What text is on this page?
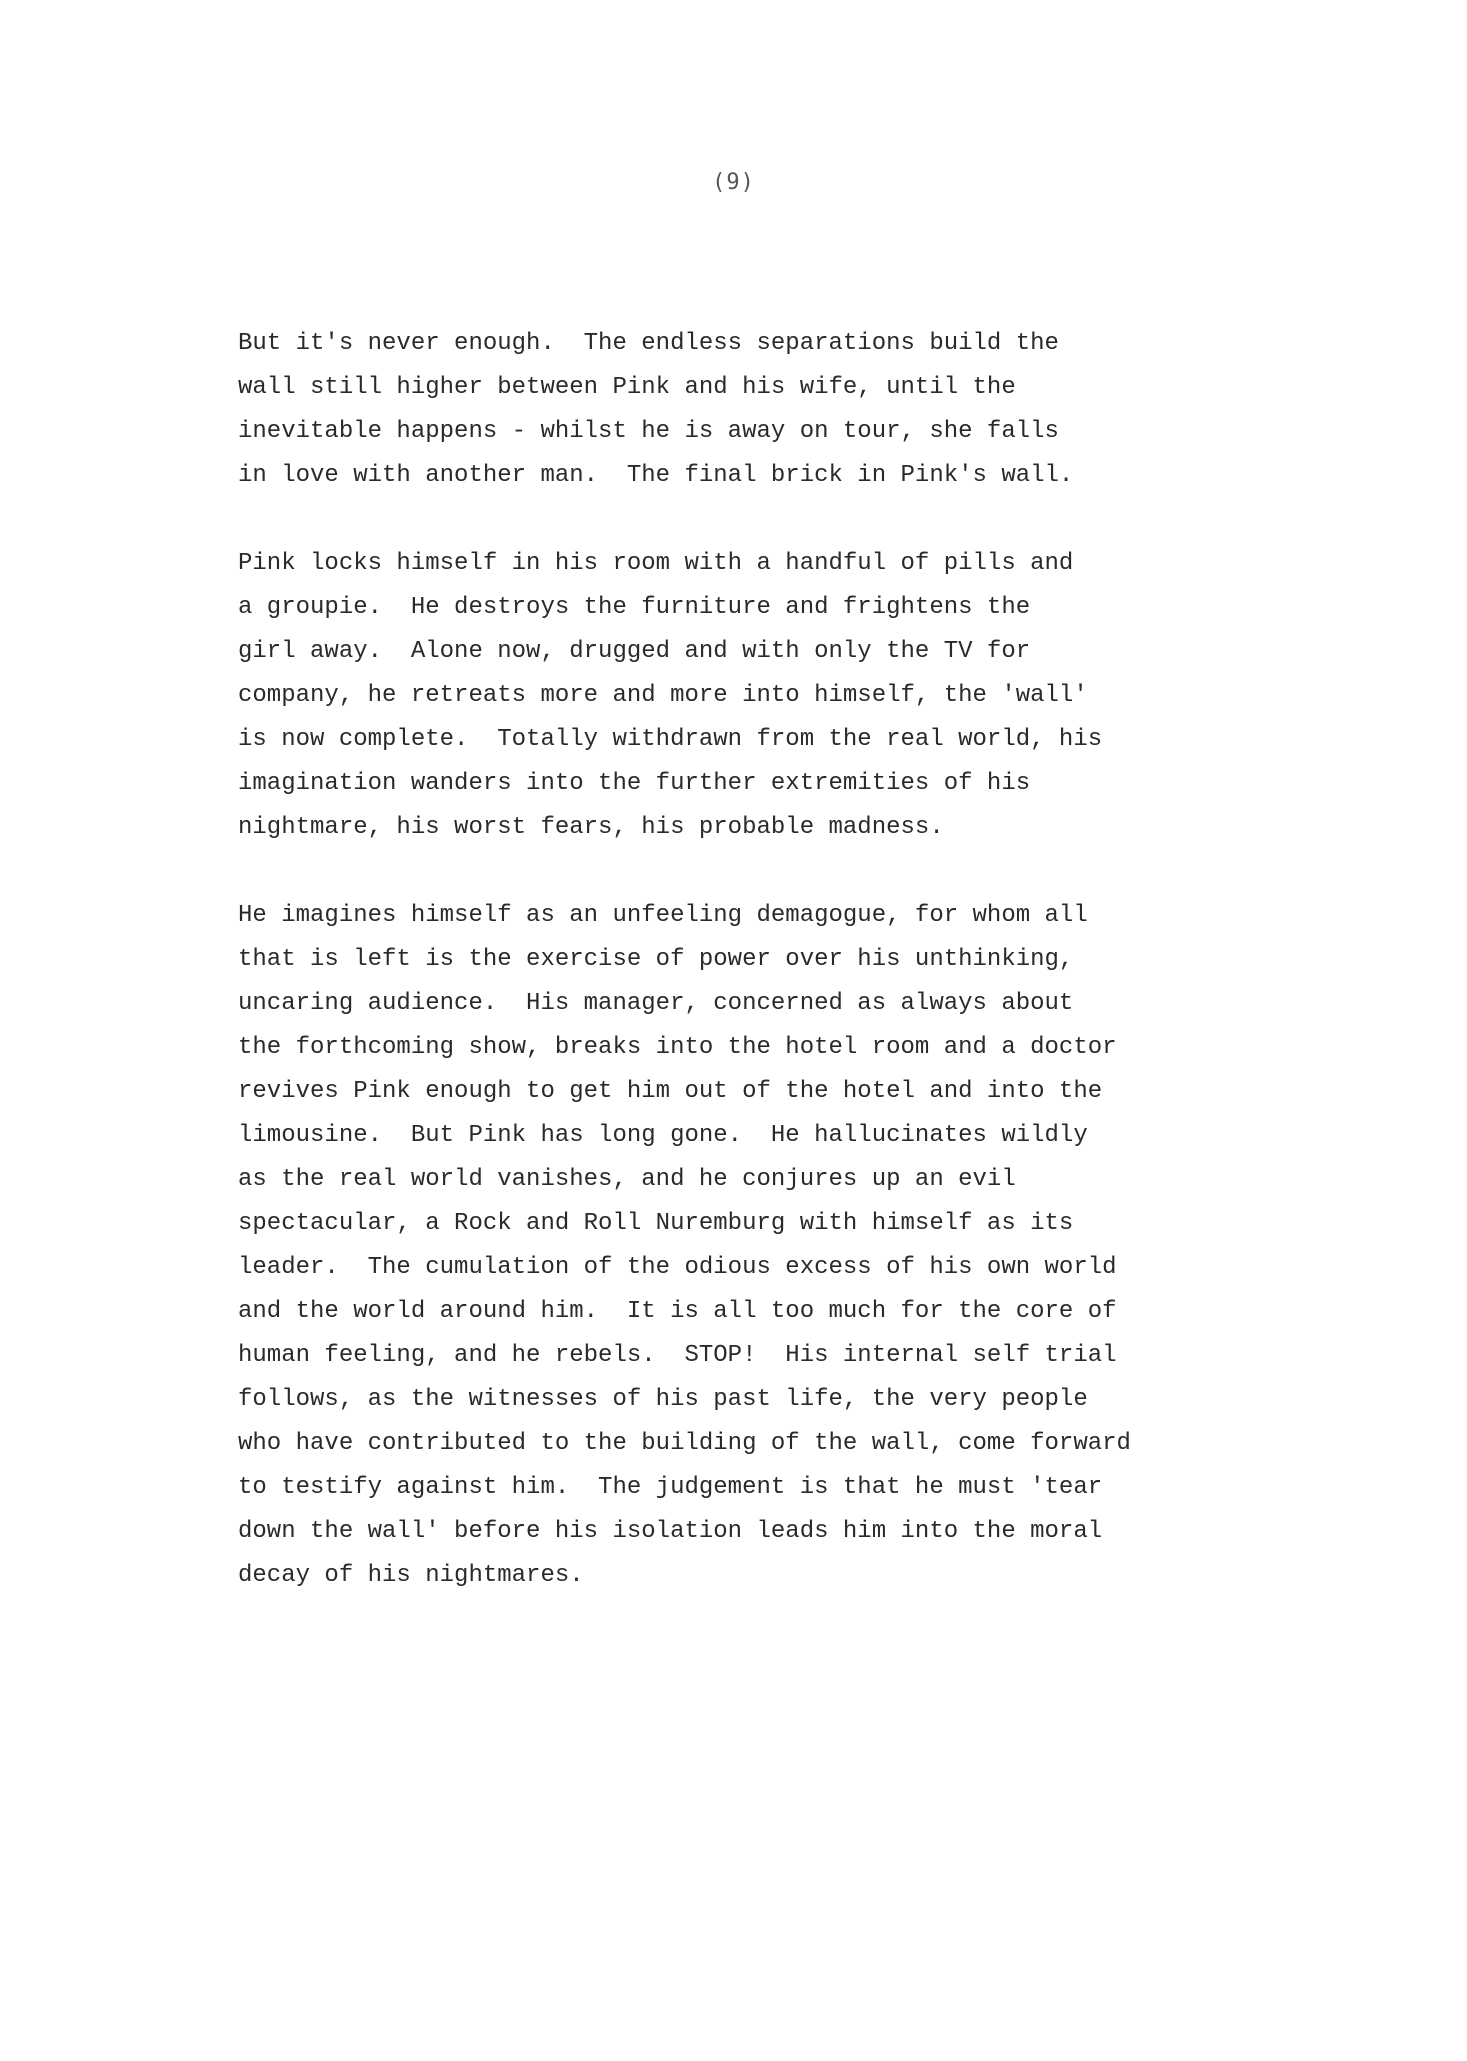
(9)

But it's never enough.  The endless separations build the
wall still higher between Pink and his wife, until the
inevitable happens - whilst he is away on tour, she falls
in love with another man.  The final brick in Pink's wall.

Pink locks himself in his room with a handful of pills and
a groupie.  He destroys the furniture and frightens the
girl away.  Alone now, drugged and with only the TV for
company, he retreats more and more into himself, the 'wall'
is now complete.  Totally withdrawn from the real world, his
imagination wanders into the further extremities of his
nightmare, his worst fears, his probable madness.

He imagines himself as an unfeeling demagogue, for whom all
that is left is the exercise of power over his unthinking,
uncaring audience.  His manager, concerned as always about
the forthcoming show, breaks into the hotel room and a doctor
revives Pink enough to get him out of the hotel and into the
limousine.  But Pink has long gone.  He hallucinates wildly
as the real world vanishes, and he conjures up an evil
spectacular, a Rock and Roll Nuremburg with himself as its
leader.  The cumulation of the odious excess of his own world
and the world around him.  It is all too much for the core of
human feeling, and he rebels.  STOP!  His internal self trial
follows, as the witnesses of his past life, the very people
who have contributed to the building of the wall, come forward
to testify against him.  The judgement is that he must 'tear
down the wall' before his isolation leads him into the moral
decay of his nightmares.
